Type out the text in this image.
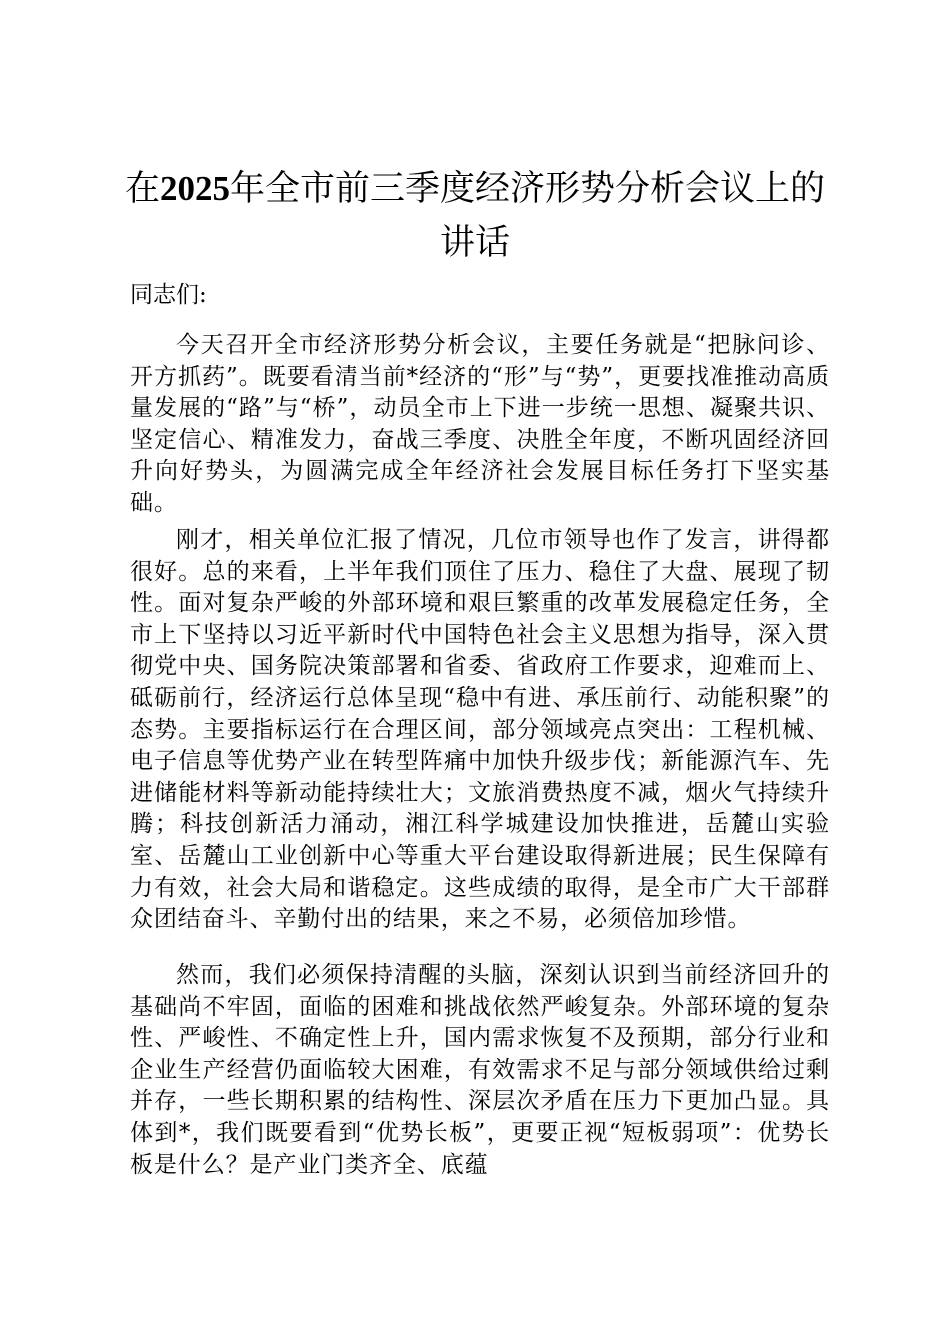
在2025年全市前三季度经济形势分析会议上的讲话

同志们:

今天召开全市经济形势分析会议，主要任务就是“把脉问诊、开方抓药”。既要看清当前*经济的“形”与“势”，更要找准推动高质量发展的“路”与“桥”，动员全市上下进一步统一思想、凝聚共识、坚定信心、精准发力，奋战三季度、决胜全年度，不断巩固经济回升向好势头，为圆满完成全年经济社会发展目标任务打下坚实基础。

刚才，相关单位汇报了情况，几位市领导也作了发言，讲得都很好。总的来看，上半年我们顶住了压力、稳住了大盘、展现了韧性。面对复杂严峻的外部环境和艰巨繁重的改革发展稳定任务，全市上下坚持以习近平新时代中国特色社会主义思想为指导，深入贯彻党中央、国务院决策部署和省委、省政府工作要求，迎难而上、砥砺前行，经济运行总体呈现“稳中有进、承压前行、动能积聚”的态势。主要指标运行在合理区间，部分领域亮点突出：工程机械、电子信息等优势产业在转型阵痛中加快升级步伐；新能源汽车、先进储能材料等新动能持续壮大；文旅消费热度不减，烟火气持续升腾；科技创新活力涌动，湘江科学城建设加快推进，岳麓山实验室、岳麓山工业创新中心等重大平台建设取得新进展；民生保障有力有效，社会大局和谐稳定。这些成绩的取得，是全市广大干部群众团结奋斗、辛勤付出的结果，来之不易，必须倍加珍惜。

然而，我们必须保持清醒的头脑，深刻认识到当前经济回升的基础尚不牢固，面临的困难和挑战依然严峻复杂。外部环境的复杂性、严峻性、不确定性上升，国内需求恢复不及预期，部分行业和企业生产经营仍面临较大困难，有效需求不足与部分领域供给过剩并存，一些长期积累的结构性、深层次矛盾在压力下更加凸显。具体到*，我们既要看到“优势长板”，更要正视“短板弱项”：优势长板是什么？是产业门类齐全、底蕴
